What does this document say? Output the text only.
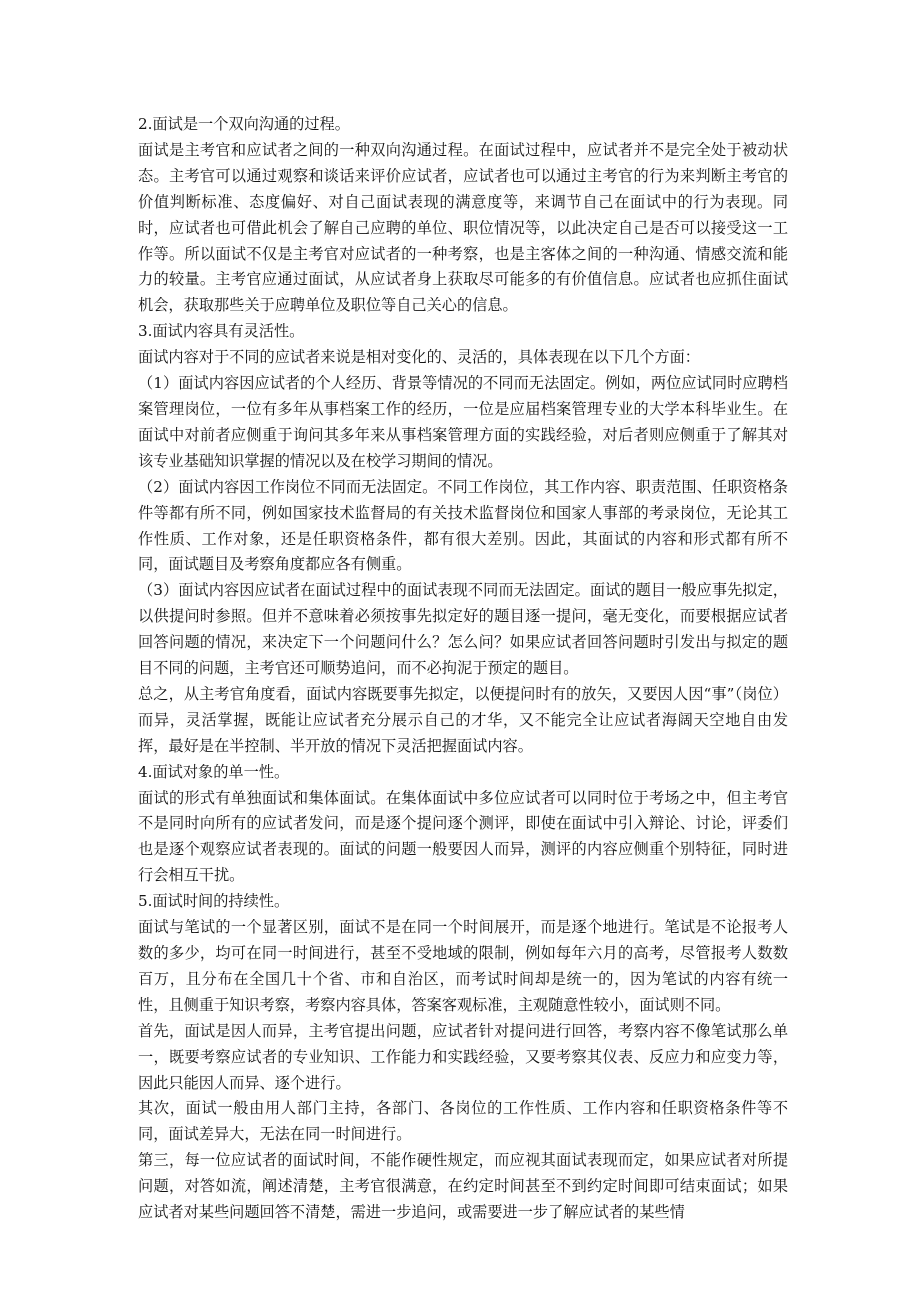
2.面试是一个双向沟通的过程。

面试是主考官和应试者之间的一种双向沟通过程。在面试过程中，应试者并不是完全处于被动状态。主考官可以通过观察和谈话来评价应试者，应试者也可以通过主考官的行为来判断主考官的价值判断标准、态度偏好、对自己面试表现的满意度等，来调节自己在面试中的行为表现。同时，应试者也可借此机会了解自己应聘的单位、职位情况等，以此决定自己是否可以接受这一工作等。所以面试不仅是主考官对应试者的一种考察，也是主客体之间的一种沟通、情感交流和能力的较量。主考官应通过面试，从应试者身上获取尽可能多的有价值信息。应试者也应抓住面试机会，获取那些关于应聘单位及职位等自己关心的信息。

3.面试内容具有灵活性。

面试内容对于不同的应试者来说是相对变化的、灵活的，具体表现在以下几个方面：

（1）面试内容因应试者的个人经历、背景等情况的不同而无法固定。例如，两位应试同时应聘档案管理岗位，一位有多年从事档案工作的经历，一位是应届档案管理专业的大学本科毕业生。在面试中对前者应侧重于询问其多年来从事档案管理方面的实践经验，对后者则应侧重于了解其对该专业基础知识掌握的情况以及在校学习期间的情况。

（2）面试内容因工作岗位不同而无法固定。不同工作岗位，其工作内容、职责范围、任职资格条件等都有所不同，例如国家技术监督局的有关技术监督岗位和国家人事部的考录岗位，无论其工作性质、工作对象，还是任职资格条件，都有很大差别。因此，其面试的内容和形式都有所不同，面试题目及考察角度都应各有侧重。

（3）面试内容因应试者在面试过程中的面试表现不同而无法固定。面试的题目一般应事先拟定，以供提问时参照。但并不意味着必须按事先拟定好的题目逐一提问，毫无变化，而要根据应试者回答问题的情况，来决定下一个问题问什么？怎么问？如果应试者回答问题时引发出与拟定的题目不同的问题，主考官还可顺势追问，而不必拘泥于预定的题目。

总之，从主考官角度看，面试内容既要事先拟定，以便提问时有的放矢，又要因人因“事”（岗位）而异，灵活掌握，既能让应试者充分展示自己的才华，又不能完全让应试者海阔天空地自由发挥，最好是在半控制、半开放的情况下灵活把握面试内容。

4.面试对象的单一性。

面试的形式有单独面试和集体面试。在集体面试中多位应试者可以同时位于考场之中，但主考官不是同时向所有的应试者发问，而是逐个提问逐个测评，即使在面试中引入辩论、讨论，评委们也是逐个观察应试者表现的。面试的问题一般要因人而异，测评的内容应侧重个别特征，同时进行会相互干扰。

5.面试时间的持续性。

面试与笔试的一个显著区别，面试不是在同一个时间展开，而是逐个地进行。笔试是不论报考人数的多少，均可在同一时间进行，甚至不受地域的限制，例如每年六月的高考，尽管报考人数数百万，且分布在全国几十个省、市和自治区，而考试时间却是统一的，因为笔试的内容有统一性，且侧重于知识考察，考察内容具体，答案客观标准，主观随意性较小，面试则不同。

首先，面试是因人而异，主考官提出问题，应试者针对提问进行回答，考察内容不像笔试那么单一，既要考察应试者的专业知识、工作能力和实践经验，又要考察其仪表、反应力和应变力等，因此只能因人而异、逐个进行。

其次，面试一般由用人部门主持，各部门、各岗位的工作性质、工作内容和任职资格条件等不同，面试差异大，无法在同一时间进行。

第三，每一位应试者的面试时间，不能作硬性规定，而应视其面试表现而定，如果应试者对所提问题，对答如流，阐述清楚，主考官很满意，在约定时间甚至不到约定时间即可结束面试；如果应试者对某些问题回答不清楚，需进一步追问，或需要进一步了解应试者的某些情
